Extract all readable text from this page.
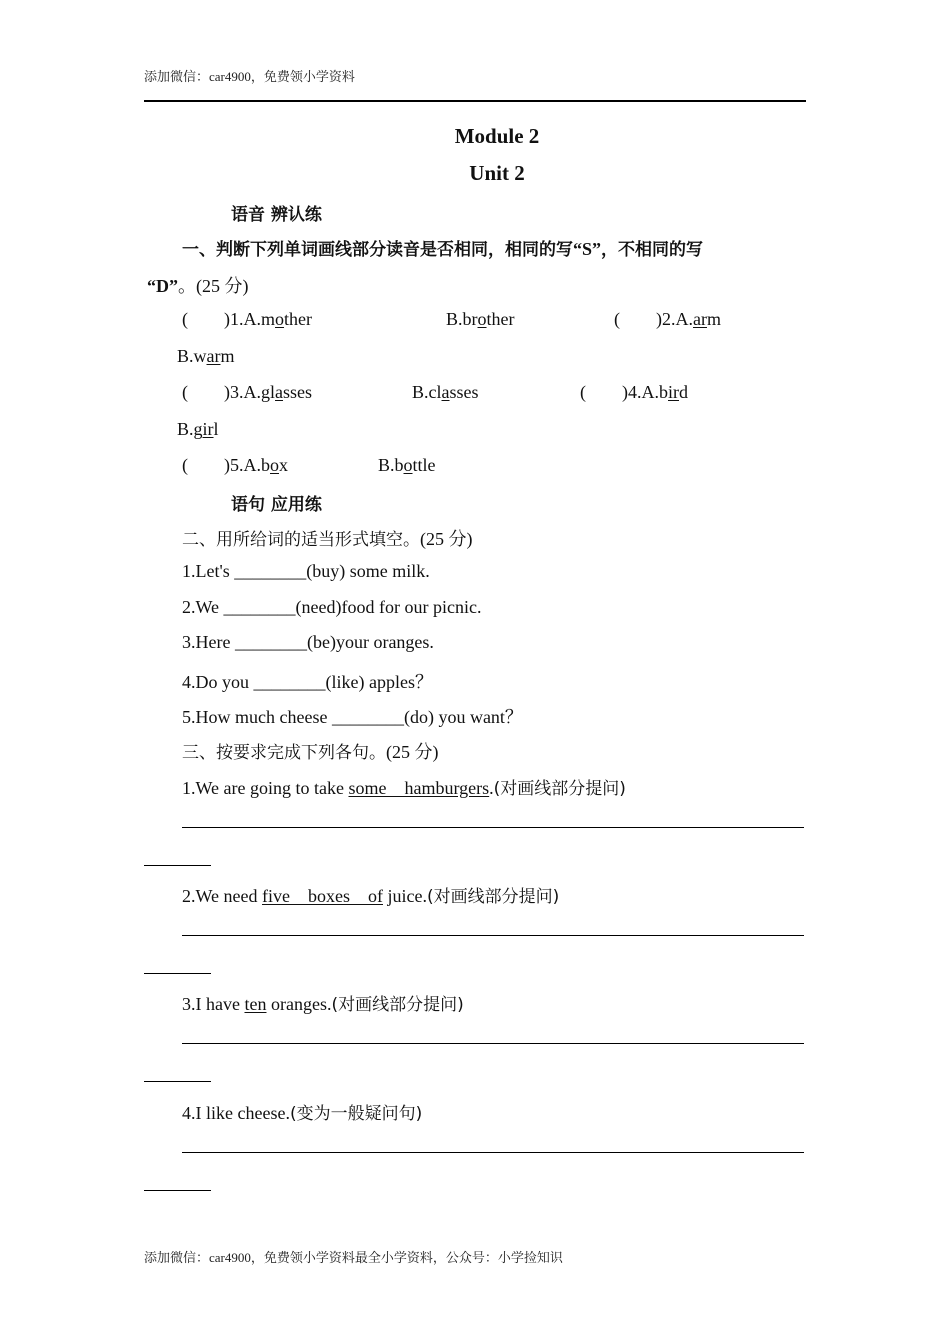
添加微信：car4900，免费领小学资料
Module 2
Unit 2
语音 辨认练
一、判断下列单词画线部分读音是否相同，相同的写“S”，不相同的写
“D”。(25 分)
(        )1.A.mother	B.brother	(        )2.A.arm
B.warm
(        )3.A.glasses	B.classes	(        )4.A.bird
B.girl
(        )5.A.box	B.bottle
语句 应用练
二、用所给词的适当形式填空。(25 分)
1.Let's ________(buy) some milk.
2.We ________(need)food for our picnic.
3.Here ________(be)your oranges.
4.Do you ________(like) apples？
5.How much cheese ________(do) you want？
三、按要求完成下列各句。(25 分)
1.We are going to take some hamburgers.(对画线部分提问)
2.We need five boxes of juice.(对画线部分提问)
3.I have ten oranges.(对画线部分提问)
4.I like cheese.(变为一般疑问句)
添加微信：car4900，免费领小学资料最全小学资料，公众号：小学捡知识
